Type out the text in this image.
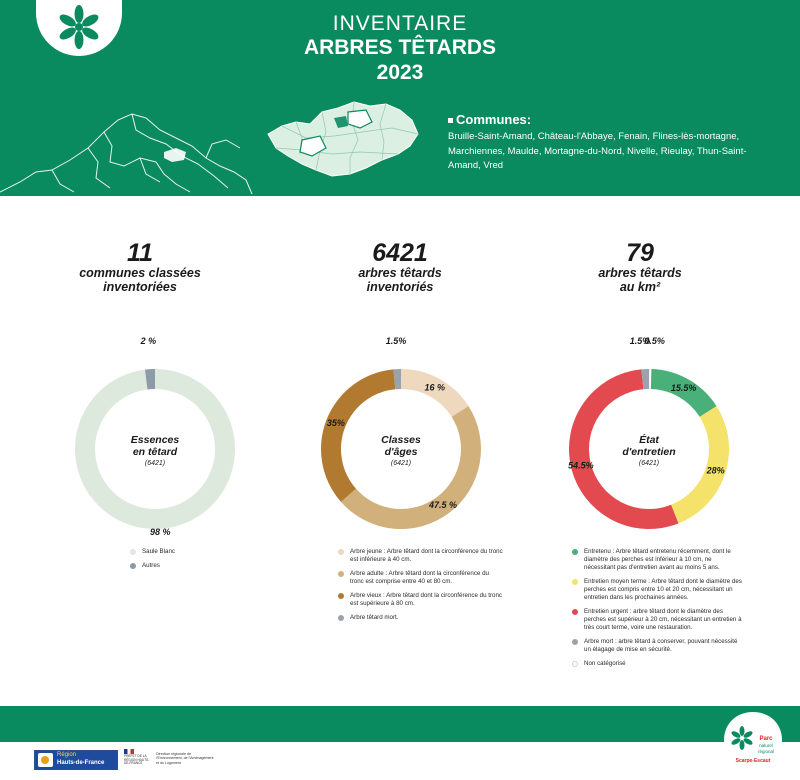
INVENTAIRE
ARBRES TÊTARDS
2023
Communes:
Bruille-Saint-Amand, Château-l'Abbaye, Fenain, Flines-lès-mortagne, Marchiennes, Maulde, Mortagne-du-Nord, Nivelle, Rieulay, Thun-Saint-Amand, Vred
11
communes classées
inventoriées
6421
arbres têtards
inventoriés
79
arbres têtards
au km²
98 %
2 %
Essences
en têtard
(6421)
16 %
47.5 %
35%
1.5%
Classes
d'âges
(6421)
0.5%
15.5%
28%
54.5%
1.5%
État
d'entretien
(6421)
Saule Blanc
Autres
Arbre jeune : Arbre têtard dont la circonférence du tronc est inférieure à 40 cm.
Arbre adulte : Arbre têtard dont la circonférence du tronc est comprise entre 40 et 80 cm.
Arbre vieux : Arbre têtard dont la circonférence du tronc est supérieure à 80 cm.
Arbre têtard mort.
Entretenu : Arbre têtard entretenu récemment, dont le diamètre des perches est inférieur à 10 cm, ne nécessitant pas d'entretien avant au moins 5 ans.
Entretien moyen terme : Arbre têtard dont le diamètre des perches est compris entre 10 et 20 cm, nécessitant un entretien dans les prochaines années.
Entretien urgent : arbre têtard dont le diamètre des perches est supérieur à 20 cm, nécessitant un entretien à très court terme, voire une restauration.
Arbre mort : arbre têtard à conserver, pouvant nécessité un élagage de mise en sécurité.
Non catégorisé
Région
Hauts-de-France
PRÉFET DE LA RÉGION HAUTS-DE-FRANCE
Direction régionale de l'Environnement, de l'Aménagement et du Logement
Parc
naturel
régional
Scarpe-Escaut
